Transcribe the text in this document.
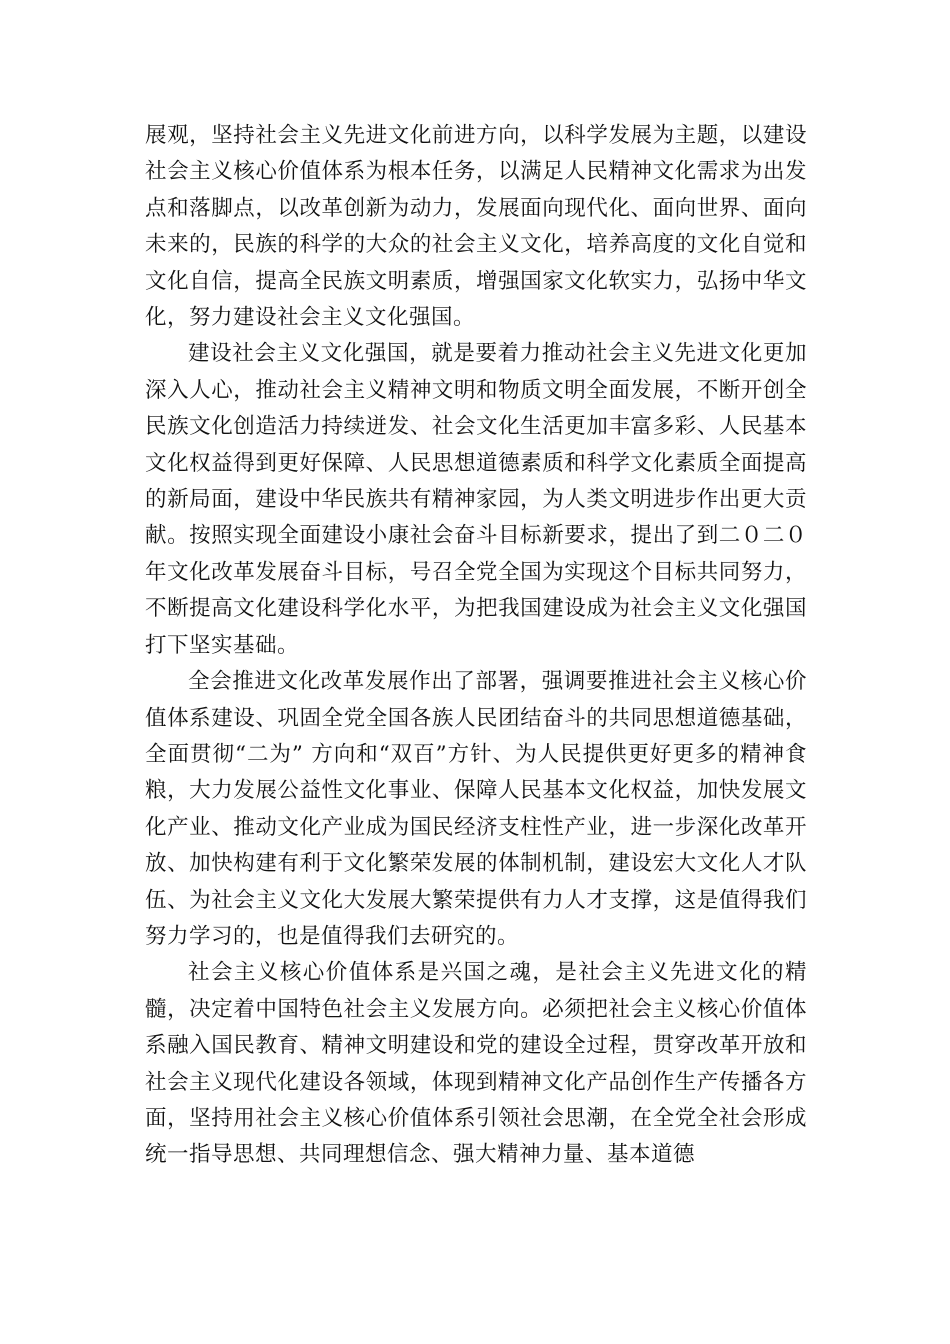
展观，坚持社会主义先进文化前进方向，以科学发展为主题，以建设社会主义核心价值体系为根本任务，以满足人民精神文化需求为出发点和落脚点，以改革创新为动力，发展面向现代化、面向世界、面向未来的，民族的科学的大众的社会主义文化，培养高度的文化自觉和文化自信，提高全民族文明素质，增强国家文化软实力，弘扬中华文化，努力建设社会主义文化强国。

建设社会主义文化强国，就是要着力推动社会主义先进文化更加深入人心，推动社会主义精神文明和物质文明全面发展，不断开创全民族文化创造活力持续迸发、社会文化生活更加丰富多彩、人民基本文化权益得到更好保障、人民思想道德素质和科学文化素质全面提高的新局面，建设中华民族共有精神家园，为人类文明进步作出更大贡献。按照实现全面建设小康社会奋斗目标新要求，提出了到二０二０年文化改革发展奋斗目标，号召全党全国为实现这个目标共同努力，不断提高文化建设科学化水平，为把我国建设成为社会主义文化强国打下坚实基础。

全会推进文化改革发展作出了部署，强调要推进社会主义核心价值体系建设、巩固全党全国各族人民团结奋斗的共同思想道德基础，全面贯彻“二为” 方向和“双百”方针、为人民提供更好更多的精神食粮，大力发展公益性文化事业、保障人民基本文化权益，加快发展文化产业、推动文化产业成为国民经济支柱性产业，进一步深化改革开放、加快构建有利于文化繁荣发展的体制机制，建设宏大文化人才队伍、为社会主义文化大发展大繁荣提供有力人才支撑，这是值得我们努力学习的，也是值得我们去研究的。

社会主义核心价值体系是兴国之魂，是社会主义先进文化的精髓，决定着中国特色社会主义发展方向。必须把社会主义核心价值体系融入国民教育、精神文明建设和党的建设全过程，贯穿改革开放和社会主义现代化建设各领域，体现到精神文化产品创作生产传播各方面，坚持用社会主义核心价值体系引领社会思潮，在全党全社会形成统一指导思想、共同理想信念、强大精神力量、基本道德
